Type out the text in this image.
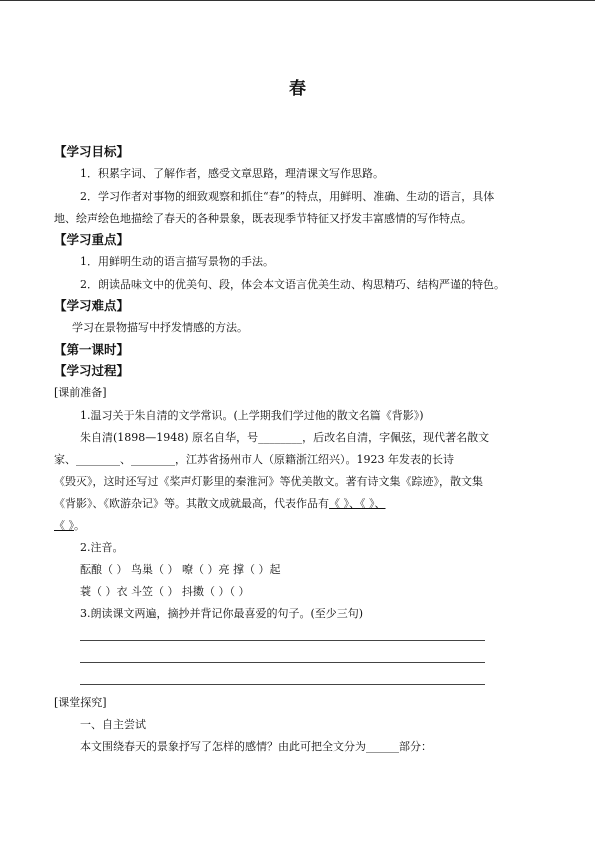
春
【学习目标】
1．积累字词、了解作者，感受文章思路，理清课文写作思路。
2．学习作者对事物的细致观察和抓住“春”的特点，用鲜明、准确、生动的语言，具体
地、绘声绘色地描绘了春天的各种景象，既表现季节特征又抒发丰富感情的写作特点。
【学习重点】
1．用鲜明生动的语言描写景物的手法。
2．朗读品味文中的优美句、段，体会本文语言优美生动、构思精巧、结构严谨的特色。
【学习难点】
学习在景物描写中抒发情感的方法。
【第一课时】
【学习过程】
[课前准备]
1.温习关于朱自清的文学常识。(上学期我们学过他的散文名篇《背影》)
朱自清(1898—1948) 原名自华，号________，后改名自清，字佩弦，现代著名散文
家、________、________，江苏省扬州市人（原籍浙江绍兴）。1923 年发表的长诗
《毁灭》，这时还写过《桨声灯影里的秦淮河》等优美散文。著有诗文集《踪迹》，散文集
《背影》、《欧游杂记》等。其散文成就最高，代表作品有《 》、《 》、
《 》。
2.注音。
酝酿（ ） 鸟巢（ ） 嘹（ ）亮 撑（ ）起
蓑（ ）衣 斗笠（ ） 抖擞（ ）（ ）
3.朗读课文两遍，摘抄并背记你最喜爱的句子。(至少三句)
[课堂探究]
一、自主尝试
本文围绕春天的景象抒写了怎样的感情？由此可把全文分为______部分：
